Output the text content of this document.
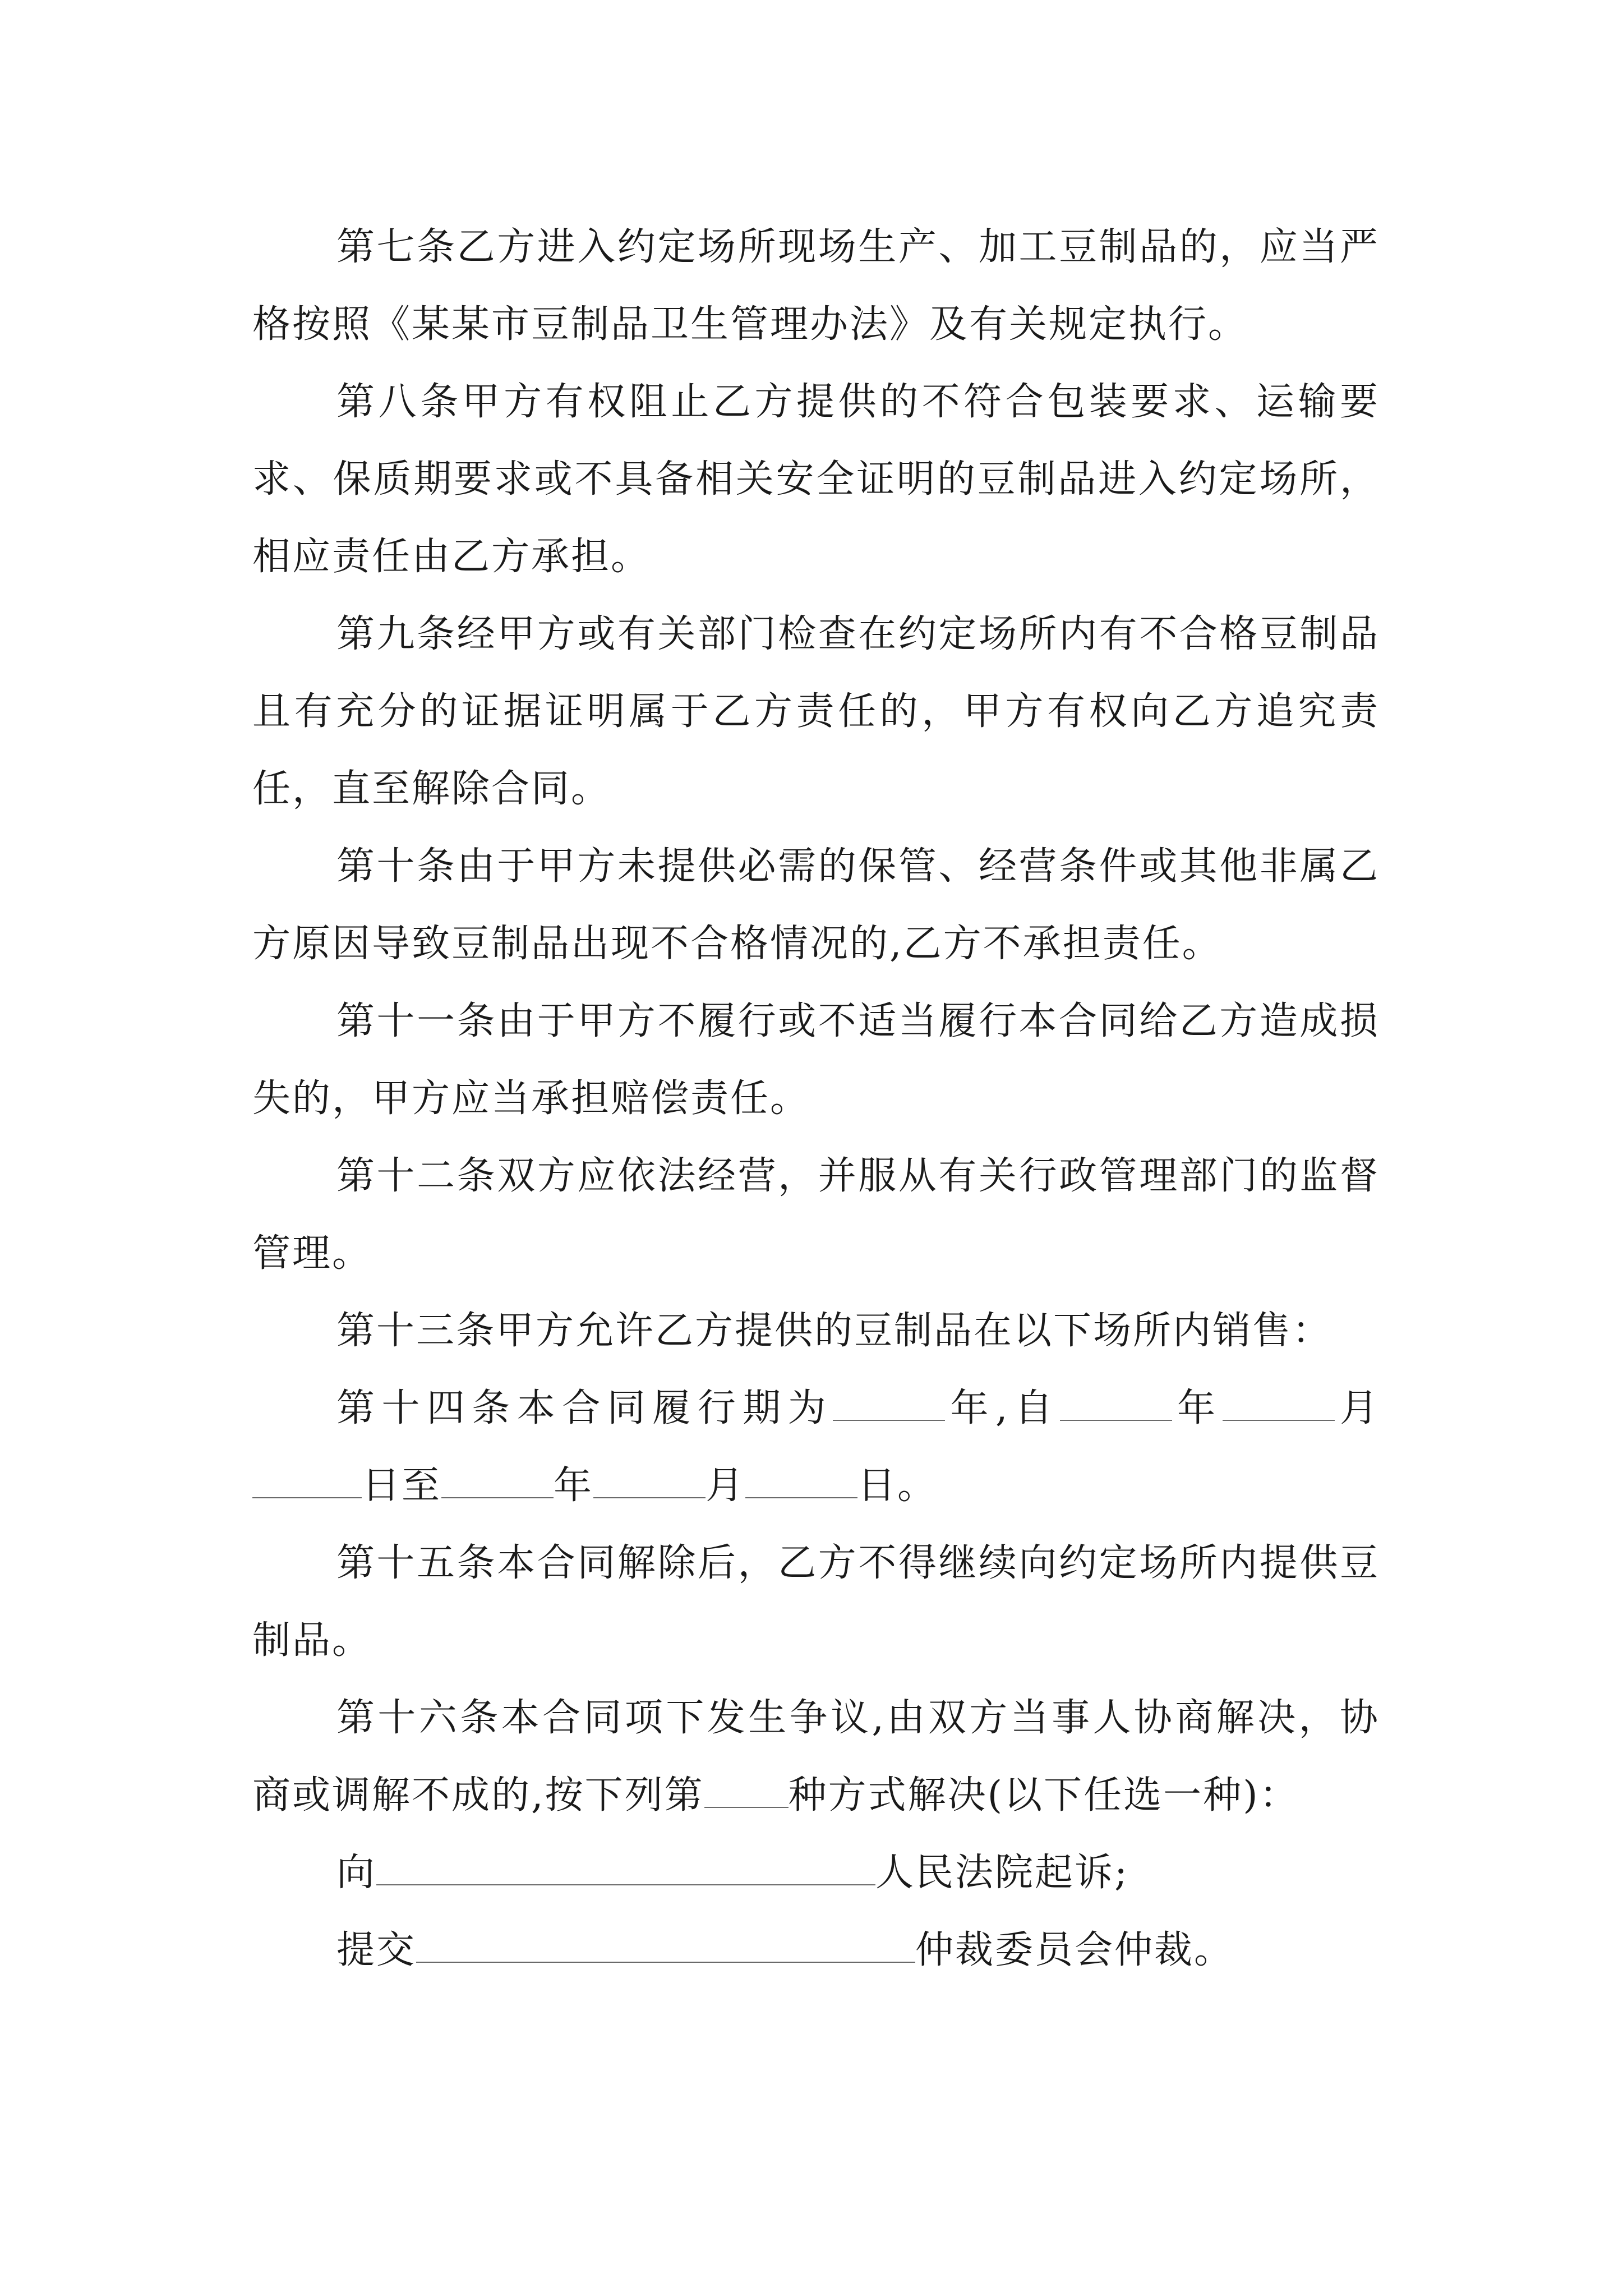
第七条乙方进入约定场所现场生产、加工豆制品的，应当严格按照《某某市豆制品卫生管理办法》及有关规定执行。

第八条甲方有权阻止乙方提供的不符合包装要求、运输要求、保质期要求或不具备相关安全证明的豆制品进入约定场所，相应责任由乙方承担。

第九条经甲方或有关部门检查在约定场所内有不合格豆制品且有充分的证据证明属于乙方责任的，甲方有权向乙方追究责任，直至解除合同。

第十条由于甲方未提供必需的保管、经营条件或其他非属乙方原因导致豆制品出现不合格情况的,乙方不承担责任。

第十一条由于甲方不履行或不适当履行本合同给乙方造成损失的，甲方应当承担赔偿责任。

第十二条双方应依法经营，并服从有关行政管理部门的监督管理。

第十三条甲方允许乙方提供的豆制品在以下场所内销售：

第十四条本合同履行期为	年,自	年	月日至	年	月	日。

第十五条本合同解除后，乙方不得继续向约定场所内提供豆制品。

第十六条本合同项下发生争议,由双方当事人协商解决，协商或调解不成的,按下列第 种方式解决(以下任选一种)：

向	人民法院起诉;

提交	仲裁委员会仲裁。
